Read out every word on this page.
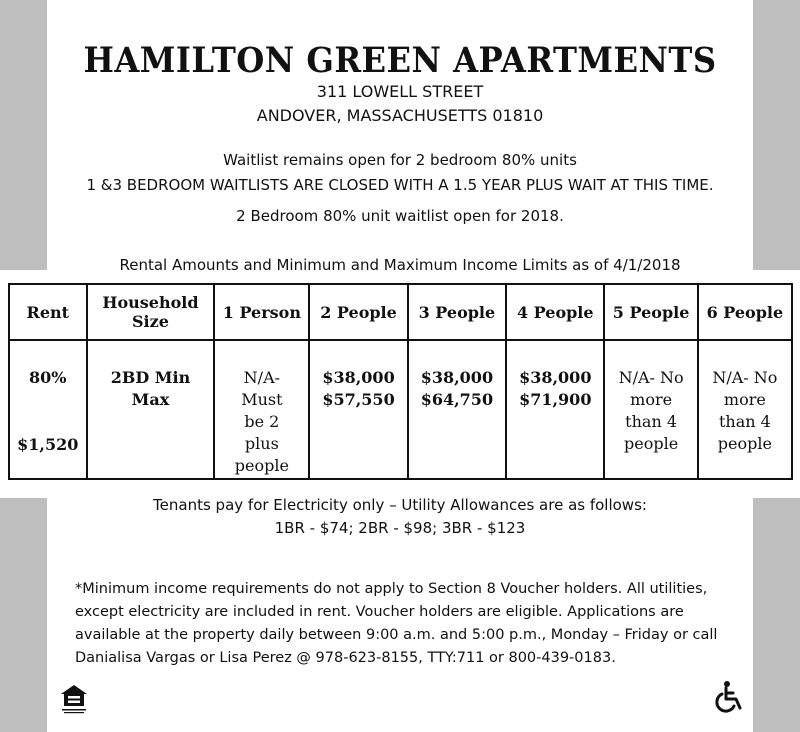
HAMILTON GREEN APARTMENTS
311 LOWELL STREET
ANDOVER, MASSACHUSETTS 01810
Waitlist remains open for 2 bedroom 80% units
1 &3 BEDROOM WAITLISTS ARE CLOSED WITH A 1.5 YEAR PLUS WAIT AT THIS TIME.
2 Bedroom 80% unit waitlist open for 2018.
Rental Amounts and Minimum and Maximum Income Limits as of 4/1/2018
Rent	Household Size	1 Person	2 People	3 People	4 People	5 People	6 People

80%
$1,520	2BD Min Max	N/A- Must be 2 plus people	$38,000 $57,550	$38,000 $64,750	$38,000 $71,900	N/A- No more than 4 people	N/A- No more than 4 people
Tenants pay for Electricity only – Utility Allowances are as follows:
1BR - $74; 2BR - $98; 3BR - $123
*Minimum income requirements do not apply to Section 8 Voucher holders. All utilities, except electricity are included in rent. Voucher holders are eligible. Applications are available at the property daily between 9:00 a.m. and 5:00 p.m., Monday – Friday or call Danialisa Vargas or Lisa Perez @ 978-623-8155, TTY:711 or 800-439-0183.
